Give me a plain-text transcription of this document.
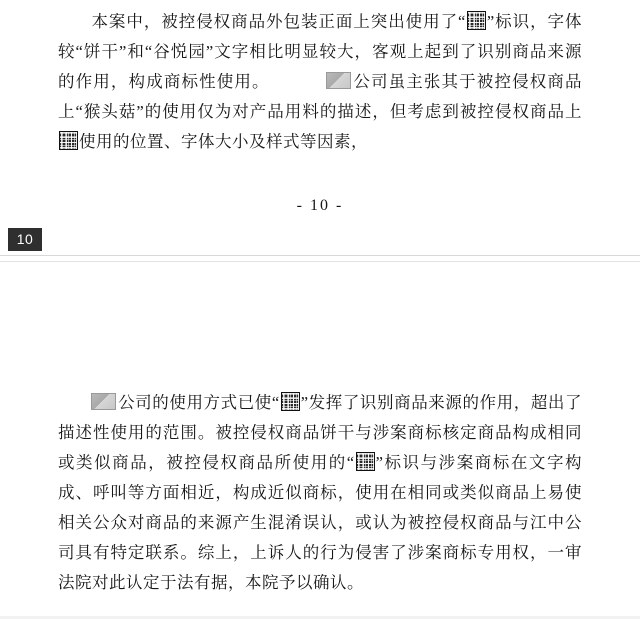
本案中，被控侵权商品外包装正面上突出使用了“ ”标识，字体较“饼干”和“谷悦园”文字相比明显较大，客观上起到了识别商品来源的作用，构成商标性使用。	公司虽主张其于被控侵权商品上“猴头菇”的使用仅为对产品用料的描述，但考虑到被控侵权商品上使用的位置、字体大小及样式等因素，

- 10 -

10

公司的使用方式已使“ ”发挥了识别商品来源的作用，超出了描述性使用的范围。被控侵权商品饼干与涉案商标核定商品构成相同或类似商品，被控侵权商品所使用的“ ”标识与涉案商标在文字构成、呼叫等方面相近，构成近似商标，使用在相同或类似商品上易使相关公众对商品的来源产生混淆误认，或认为被控侵权商品与江中公司具有特定联系。综上，上诉人的行为侵害了涉案商标专用权，一审法院对此认定于法有据，本院予以确认。
